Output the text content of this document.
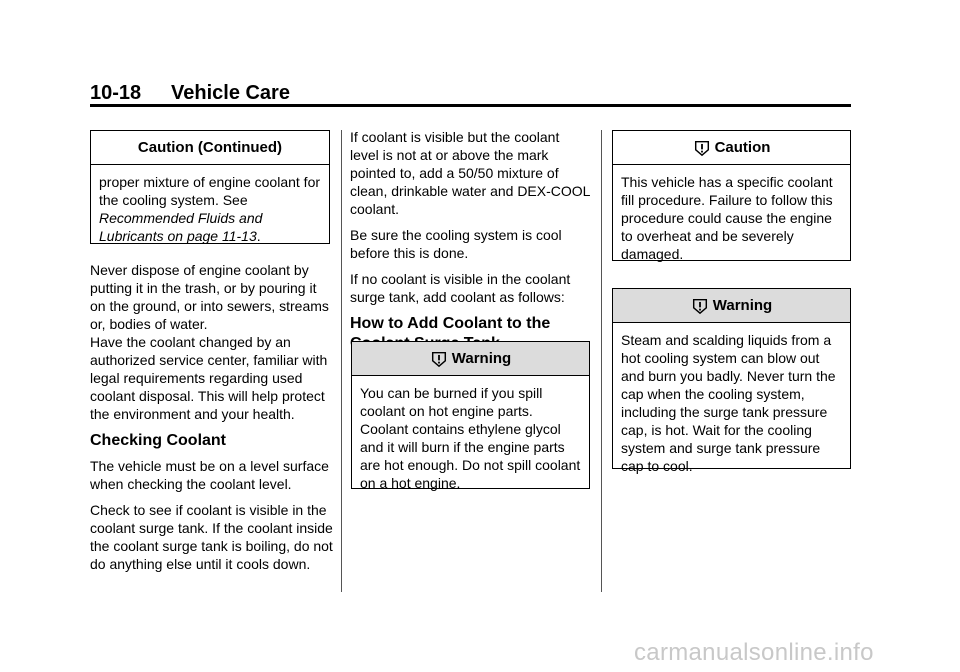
10-18 Vehicle Care
Caution (Continued)
proper mixture of engine coolant for the cooling system. See
Recommended Fluids and Lubricants on page 11-13.
Never dispose of engine coolant by putting it in the trash, or by pouring it on the ground, or into sewers, streams or, bodies of water.

Have the coolant changed by an authorized service center, familiar with legal requirements regarding used coolant disposal. This will help protect the environment and your health.

Checking Coolant

The vehicle must be on a level surface when checking the coolant level.

Check to see if coolant is visible in the coolant surge tank. If the coolant inside the coolant surge tank is boiling, do not do anything else until it cools down.

If coolant is visible but the coolant level is not at or above the mark pointed to, add a 50/50 mixture of clean, drinkable water and DEX-COOL coolant.

Be sure the cooling system is cool before this is done.

If no coolant is visible in the coolant surge tank, add coolant as follows:

How to Add Coolant to the
Warning
You can be burned if you spill coolant on hot engine parts. Coolant contains ethylene glycol and it will burn if the engine parts are hot enough. Do not spill coolant on a hot engine.
Caution
This vehicle has a specific coolant fill procedure. Failure to follow this procedure could cause the engine to overheat and be severely damaged.
Warning
Steam and scalding liquids from a hot cooling system can blow out and burn you badly. Never turn the cap when the cooling system, including the surge tank pressure cap, is hot. Wait for the cooling system and surge tank pressure cap to cool.
carmanualsonline.info
